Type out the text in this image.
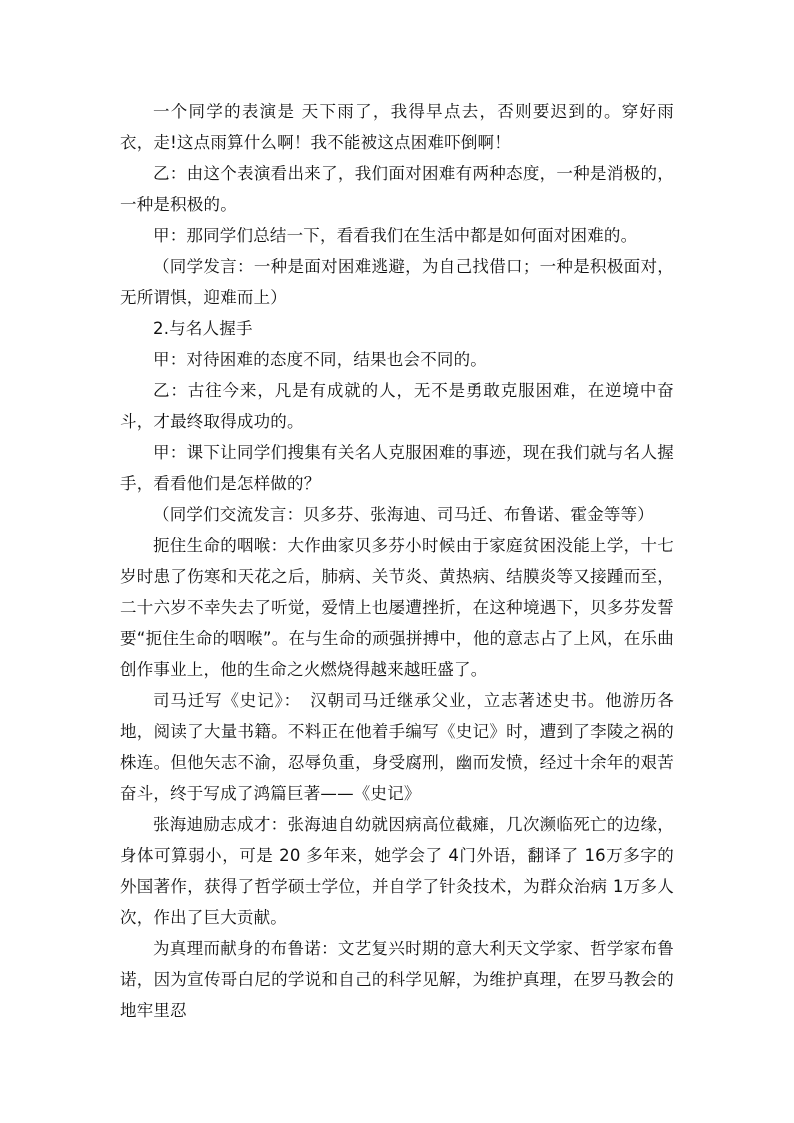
一个同学的表演是 天下雨了，我得早点去，否则要迟到的。穿好雨衣，走!这点雨算什么啊！我不能被这点困难吓倒啊！

乙：由这个表演看出来了，我们面对困难有两种态度，一种是消极的，一种是积极的。

甲：那同学们总结一下，看看我们在生活中都是如何面对困难的。

（同学发言：一种是面对困难逃避，为自己找借口；一种是积极面对，无所谓惧，迎难而上）

2.与名人握手

甲：对待困难的态度不同，结果也会不同的。

乙：古往今来，凡是有成就的人，无不是勇敢克服困难，在逆境中奋斗，才最终取得成功的。

甲：课下让同学们搜集有关名人克服困难的事迹，现在我们就与名人握手，看看他们是怎样做的？

（同学们交流发言：贝多芬、张海迪、司马迁、布鲁诺、霍金等等）

扼住生命的咽喉：大作曲家贝多芬小时候由于家庭贫困没能上学，十七岁时患了伤寒和天花之后，肺病、关节炎、黄热病、结膜炎等又接踵而至，二十六岁不幸失去了听觉，爱情上也屡遭挫折，在这种境遇下，贝多芬发誓要“扼住生命的咽喉”。在与生命的顽强拼搏中，他的意志占了上风，在乐曲创作事业上，他的生命之火燃烧得越来越旺盛了。

司马迁写《史记》：　汉朝司马迁继承父业，立志著述史书。他游历各地，阅读了大量书籍。不料正在他着手编写《史记》时，遭到了李陵之祸的株连。但他矢志不渝，忍辱负重，身受腐刑，幽而发愤，经过十余年的艰苦奋斗，终于写成了鸿篇巨著——《史记》

张海迪励志成才：张海迪自幼就因病高位截瘫，几次濒临死亡的边缘，身体可算弱小，可是 20 多年来，她学会了 4门外语，翻译了 16万多字的外国著作，获得了哲学硕士学位，并自学了针灸技术，为群众治病 1万多人次，作出了巨大贡献。

为真理而献身的布鲁诺：文艺复兴时期的意大利天文学家、哲学家布鲁诺，因为宣传哥白尼的学说和自己的科学见解，为维护真理，在罗马教会的地牢里忍
